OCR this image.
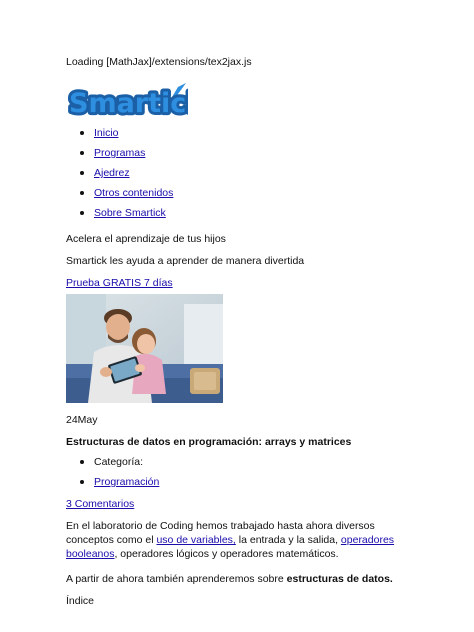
Loading [MathJax]/extensions/tex2jax.js

Smartic
Smartic
Inicio
Programas
Ajedrez
Otros contenidos
Sobre Smartick

Acelera el aprendizaje de tus hijos

Smartick les ayuda a aprender de manera divertida

Prueba GRATIS 7 días

24May

Estructuras de datos en programación: arrays y matrices

Categoría:
Programación
3 Comentarios

En el laboratorio de Coding hemos trabajado hasta ahora diversos conceptos como el uso de variables, la entrada y la salida, operadores booleanos, operadores lógicos y operadores matemáticos.

A partir de ahora también aprenderemos sobre estructuras de datos.

Índice
